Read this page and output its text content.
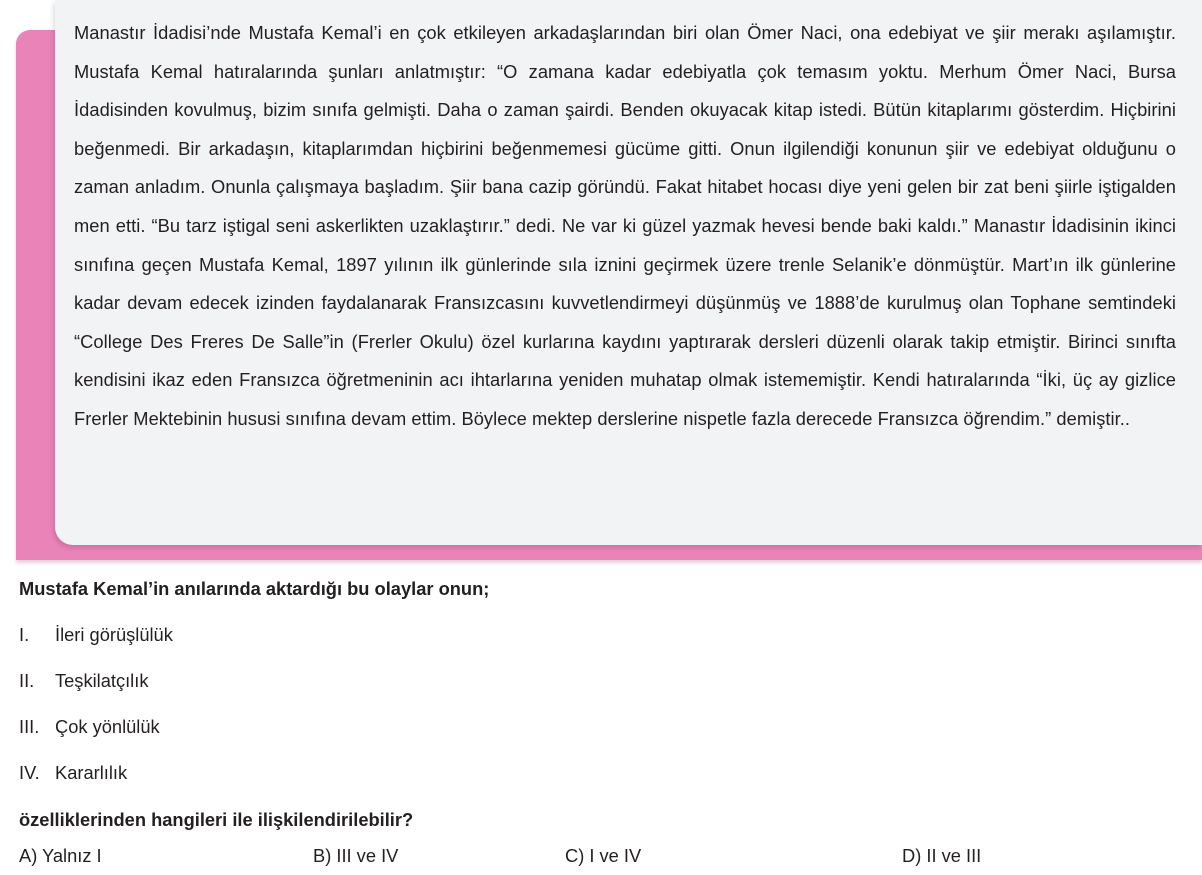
Manastır İdadisi’nde Mustafa Kemal’i en çok etkileyen arkadaşlarından biri olan Ömer Naci, ona edebiyat ve şiir merakı aşılamıştır. Mustafa Kemal hatıralarında şunları anlatmıştır: “O zamana kadar edebiyatla çok temasım yoktu. Merhum Ömer Naci, Bursa İdadisinden kovulmuş, bizim sınıfa gelmişti. Daha o zaman şairdi. Benden okuyacak kitap istedi. Bütün kitaplarımı gösterdim. Hiçbirini beğenmedi. Bir arkadaşın, kitaplarımdan hiçbirini beğenmemesi gücüme gitti. Onun ilgilendiği konunun şiir ve edebiyat olduğunu o zaman anladım. Onunla çalışmaya başladım. Şiir bana cazip göründü. Fakat hitabet hocası diye yeni gelen bir zat beni şiirle iştigalden men etti. “Bu tarz iştigal seni askerlikten uzaklaştırır.” dedi. Ne var ki güzel yazmak hevesi bende baki kaldı.” Manastır İdadisinin ikinci sınıfına geçen Mustafa Kemal, 1897 yılının ilk günlerinde sıla iznini geçirmek üzere trenle Selanik’e dönmüştür. Mart’ın ilk günlerine kadar devam edecek izinden faydalanarak Fransızcasını kuvvetlendirmeyi düşünmüş ve 1888’de kurulmuş olan Tophane semtindeki “College Des Freres De Salle”in (Frerler Okulu) özel kurlarına kaydını yaptırarak dersleri düzenli olarak takip etmiştir. Birinci sınıfta kendisini ikaz eden Fransızca öğretmeninin acı ihtarlarına yeniden muhatap olmak istememiştir. Kendi hatıralarında “İki, üç ay gizlice Frerler Mektebinin hususi sınıfına devam ettim. Böylece mektep derslerine nispetle fazla derecede Fransızca öğrendim.” demiştir..

Mustafa Kemal’in anılarında aktardığı bu olaylar onun;

I. İleri görüşlülük
II. Teşkilatçılık
III. Çok yönlülük
IV. Kararlılık

özelliklerinden hangileri ile ilişkilendirilebilir?

A) Yalnız I	B) III ve IV	C) I ve IV	D) II ve III
